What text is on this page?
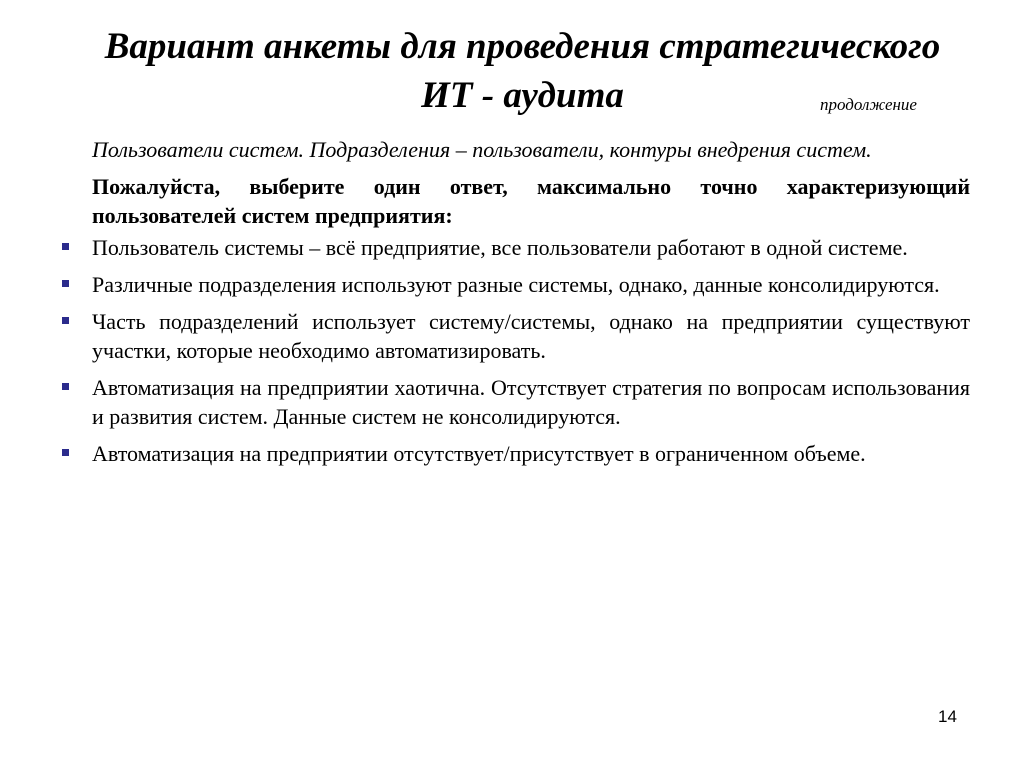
Вариант анкеты для проведения стратегического
ИТ - аудита	продолжение

Пользователи систем. Подразделения – пользователи, контуры внедрения систем.

Пожалуйста, выберите один ответ, максимально точно характеризующий пользователей систем предприятия:

Пользователь системы – всё предприятие, все пользователи работают в одной системе.
Различные подразделения используют разные системы, однако, данные консолидируются.
Часть подразделений использует систему/системы, однако на предприятии существуют участки, которые необходимо автоматизировать.
Автоматизация на предприятии хаотична. Отсутствует стратегия по вопросам использования и развития систем. Данные систем не консолидируются.
Автоматизация на предприятии отсутствует/присутствует в ограниченном объеме.
14
